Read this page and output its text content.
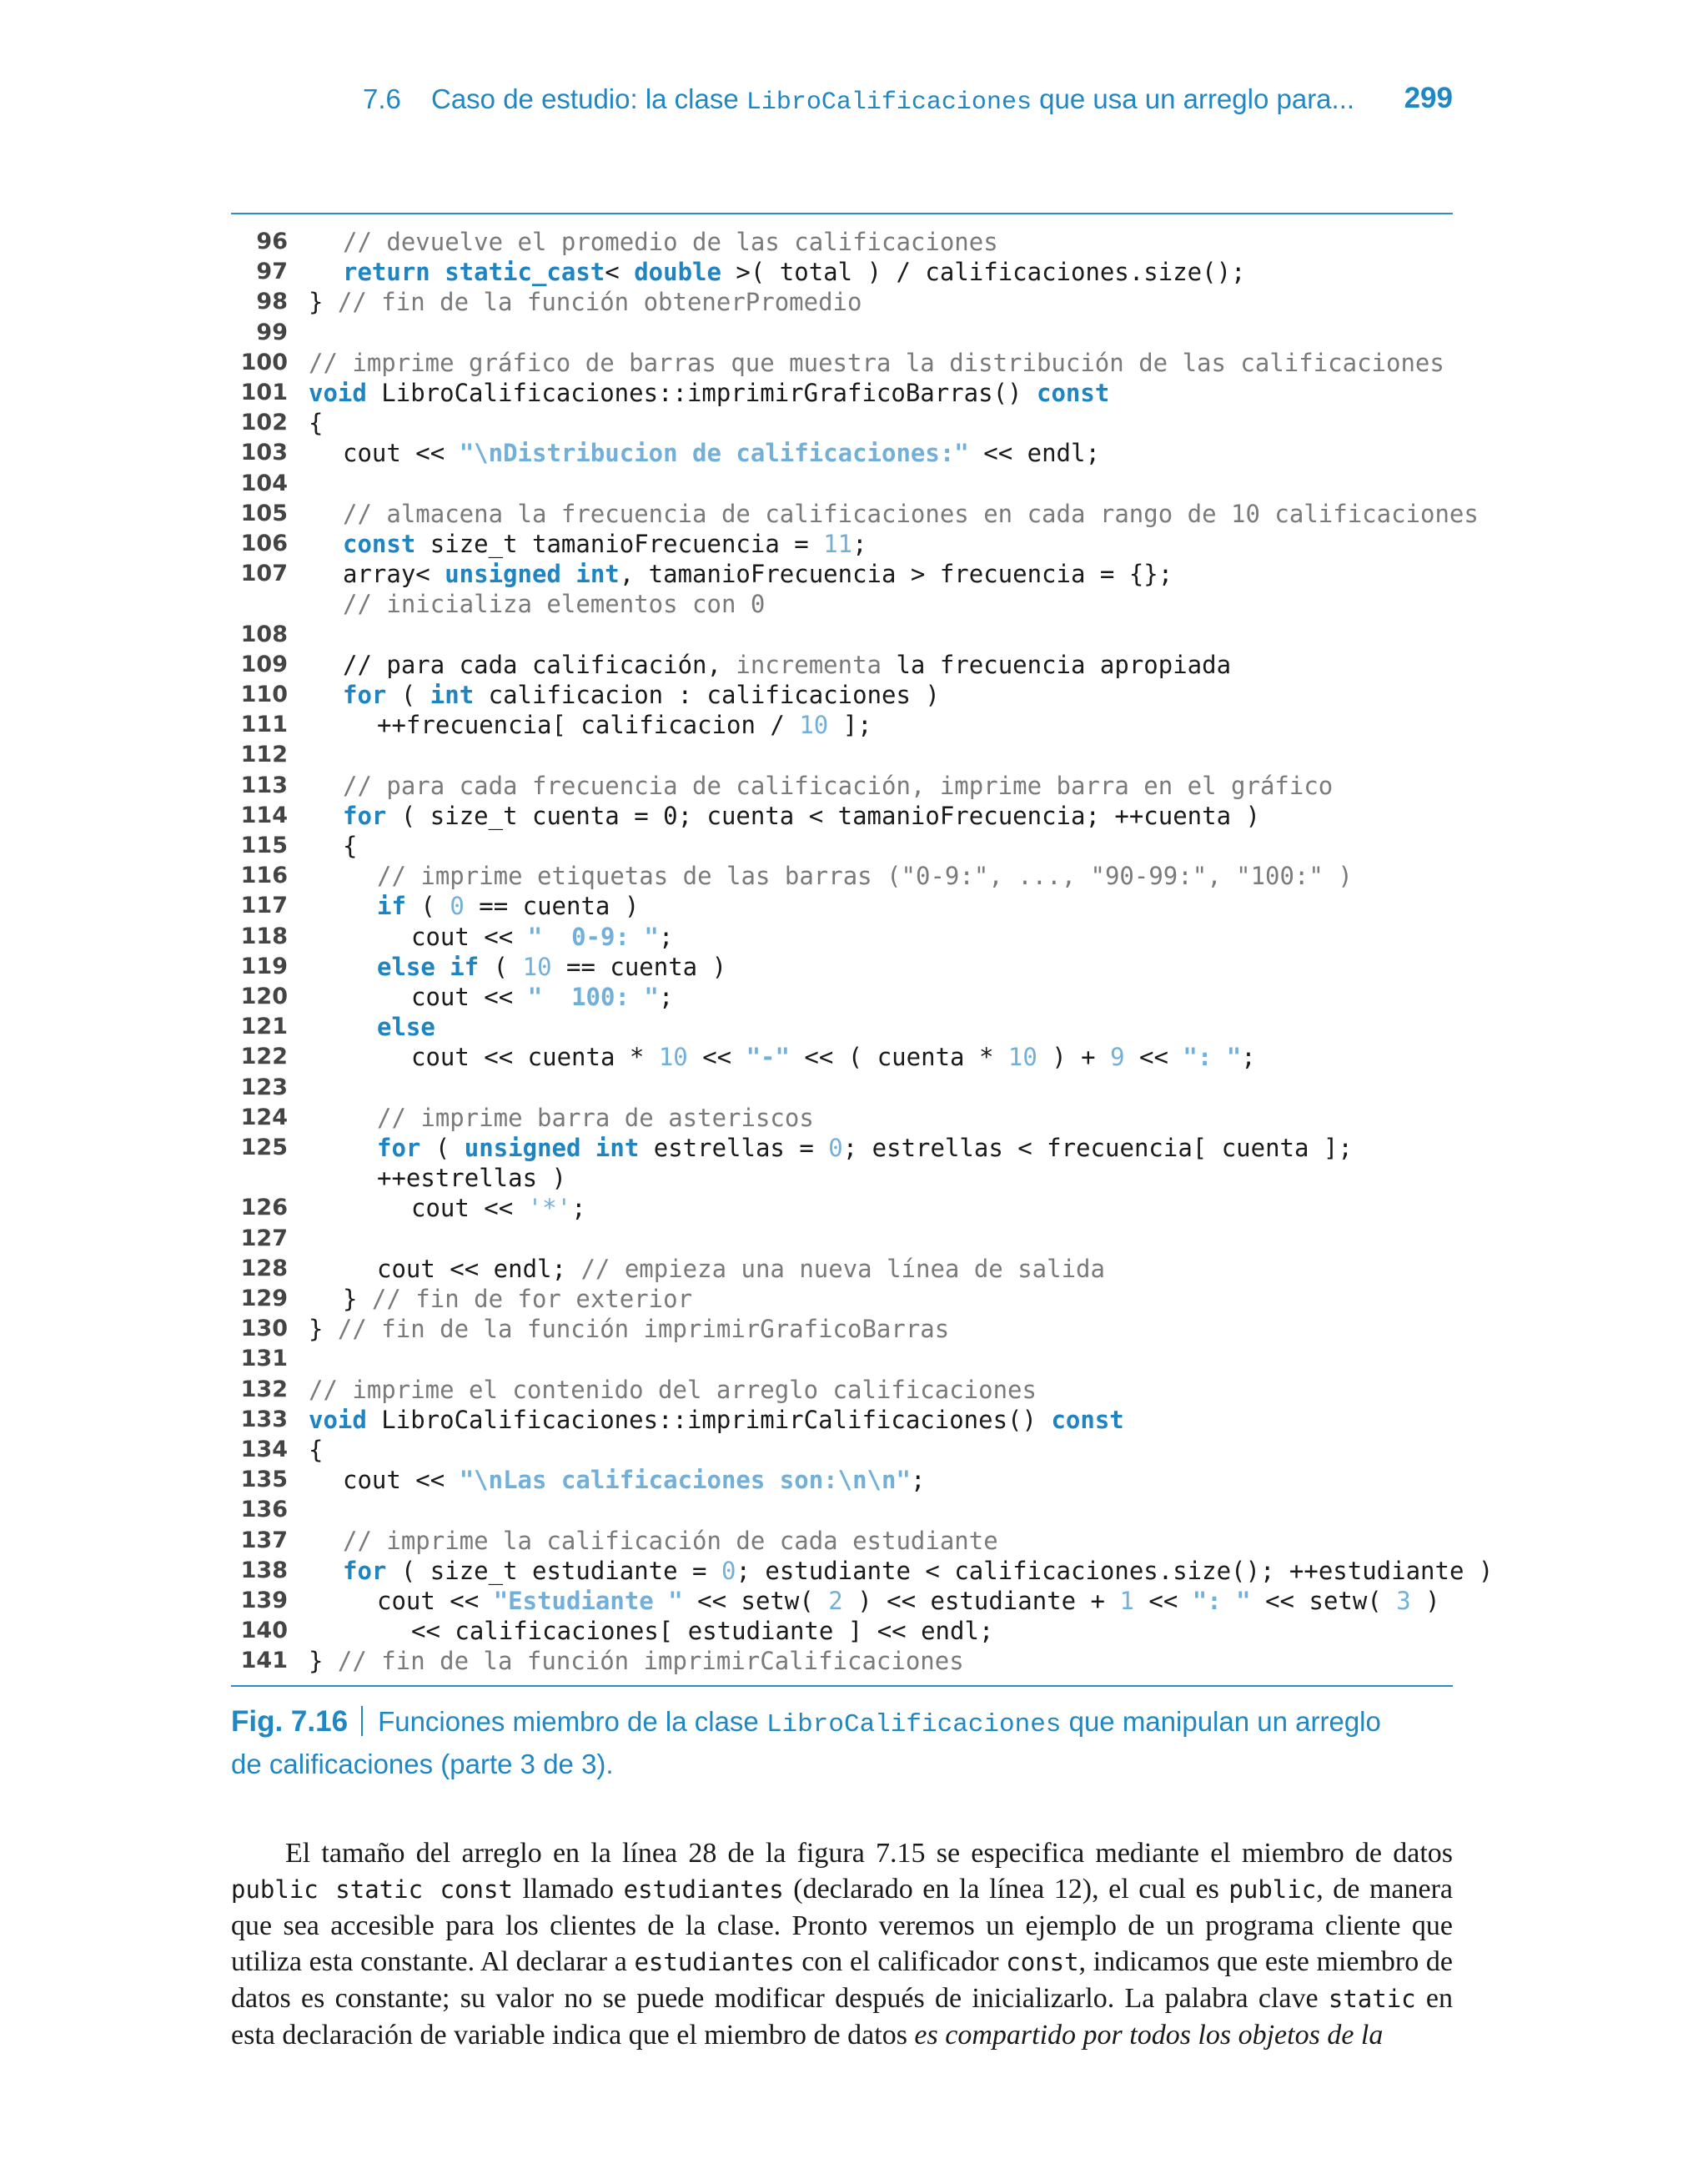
7.6 Caso de estudio: la clase LibroCalificaciones que usa un arreglo para... 299
96 // devuelve el promedio de las calificaciones
97 return static_cast< double >( total ) / calificaciones.size();
98 } // fin de la función obtenerPromedio
99
100 // imprime gráfico de barras que muestra la distribución de las calificaciones
101 void LibroCalificaciones::imprimirGraficoBarras() const
102 {
103 cout << "\nDistribucion de calificaciones:" << endl;
104
105 // almacena la frecuencia de calificaciones en cada rango de 10 calificaciones
106 const size_t tamanioFrecuencia = 11;
107 array< unsigned int, tamanioFrecuencia > frecuencia = {};
// inicializa elementos con 0
108
109 // para cada calificación, incrementa la frecuencia apropiada
110 for ( int calificacion : calificaciones )
111	++frecuencia[ calificacion / 10 ];
112
113 // para cada frecuencia de calificación, imprime barra en el gráfico
114 for ( size_t cuenta = 0; cuenta < tamanioFrecuencia; ++cuenta )
115 {
116	// imprime etiquetas de las barras ("0-9:", ..., "90-99:", "100:" )
117	if ( 0 == cuenta )
118	cout << "  0-9: ";
119	else if ( 10 == cuenta )
120	cout << "  100: ";
121	else
122	cout << cuenta * 10 << "-" << ( cuenta * 10 ) + 9 << ": ";
123
124	// imprime barra de asteriscos
125	for ( unsigned int estrellas = 0; estrellas < frecuencia[ cuenta ];
++estrellas )
126	cout << '*';
127
128	cout << endl; // empieza una nueva línea de salida
129 } // fin de for exterior
130 } // fin de la función imprimirGraficoBarras
131
132 // imprime el contenido del arreglo calificaciones
133 void LibroCalificaciones::imprimirCalificaciones() const
134 {
135 cout << "\nLas calificaciones son:\n\n";
136
137 // imprime la calificación de cada estudiante
138 for ( size_t estudiante = 0; estudiante < calificaciones.size(); ++estudiante )
139	cout << "Estudiante " << setw( 2 ) << estudiante + 1 << ": " << setw( 3 )
140	<< calificaciones[ estudiante ] << endl;
141 } // fin de la función imprimirCalificaciones
Fig. 7.16 Funciones miembro de la clase LibroCalificaciones que manipulan un arreglo
de calificaciones (parte 3 de 3).
El tamaño del arreglo en la línea 28 de la figura 7.15 se especifica mediante el miembro de datos public static const llamado estudiantes (declarado en la línea 12), el cual es public, de manera que sea accesible para los clientes de la clase. Pronto veremos un ejemplo de un programa cliente que utiliza esta constante. Al declarar a estudiantes con el calificador const, indicamos que este miembro de datos es constante; su valor no se puede modificar después de inicializarlo. La palabra clave static en esta declaración de variable indica que el miembro de datos es compartido por todos los objetos de la
